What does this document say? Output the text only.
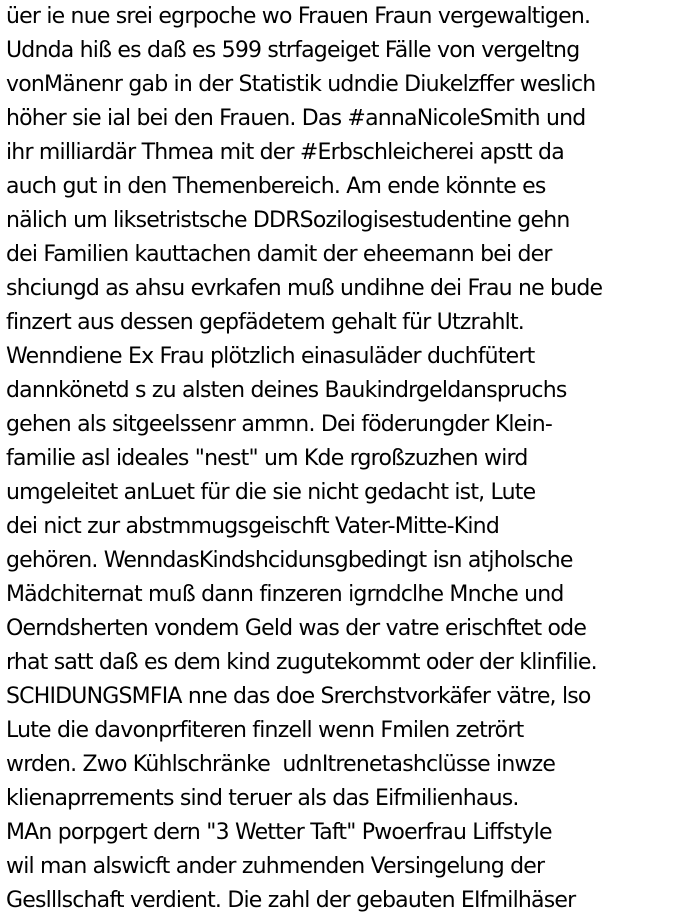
üer ie nue srei egrpoche wo Frauen Fraun vergewaltigen.
Udnda hiß es daß es 599 strfageiget Fälle von vergeltng
vonMänenr gab in der Statistik udndie Diukelzffer weslich
höher sie ial bei den Frauen. Das #annaNicoleSmith und
ihr milliardär Thmea mit der #Erbschleicherei apstt da
auch gut in den Themenbereich. Am ende könnte es
nälich um liksetristsche DDRSozilogisestudentine gehn
dei Familien kauttachen damit der eheemann bei der
shciungd as ahsu evrkafen muß undihne dei Frau ne bude
finzert aus dessen gepfädetem gehalt für Utzrahlt.
Wenndiene Ex Frau plötzlich einasuläder duchfütert
dannkönetd s zu alsten deines Baukindrgeldanspruchs
gehen als sitgeelssenr ammn. Dei föderungder Klein-
familie asl ideales "nest" um Kde rgroßzuzhen wird
umgeleitet anLuet für die sie nicht gedacht ist, Lute
dei nict zur abstmmugsgeischft Vater-Mitte-Kind
gehören. WenndasKindshcidunsgbedingt isn atjholsche
Mädchiternat muß dann finzeren igrndclhe Mnche und
Oerndsherten vondem Geld was der vatre erischftet ode
rhat satt daß es dem kind zugutekommt oder der klinfilie.
SCHIDUNGSMFIA nne das doe Srerchstvorkäfer vätre, lso
Lute die davonprfiteren finzell wenn Fmilen zetrört
wrden. Zwo Kühlschränke  udnItrenetashclüsse inwze
klienaprrements sind teruer als das Eifmilienhaus.
MAn porpgert dern "3 Wetter Taft" Pwoerfrau Liffstyle
wil man alswicft ander zuhmenden Versingelung der
Geslllschaft verdient. Die zahl der gebauten EIfmilhäser
